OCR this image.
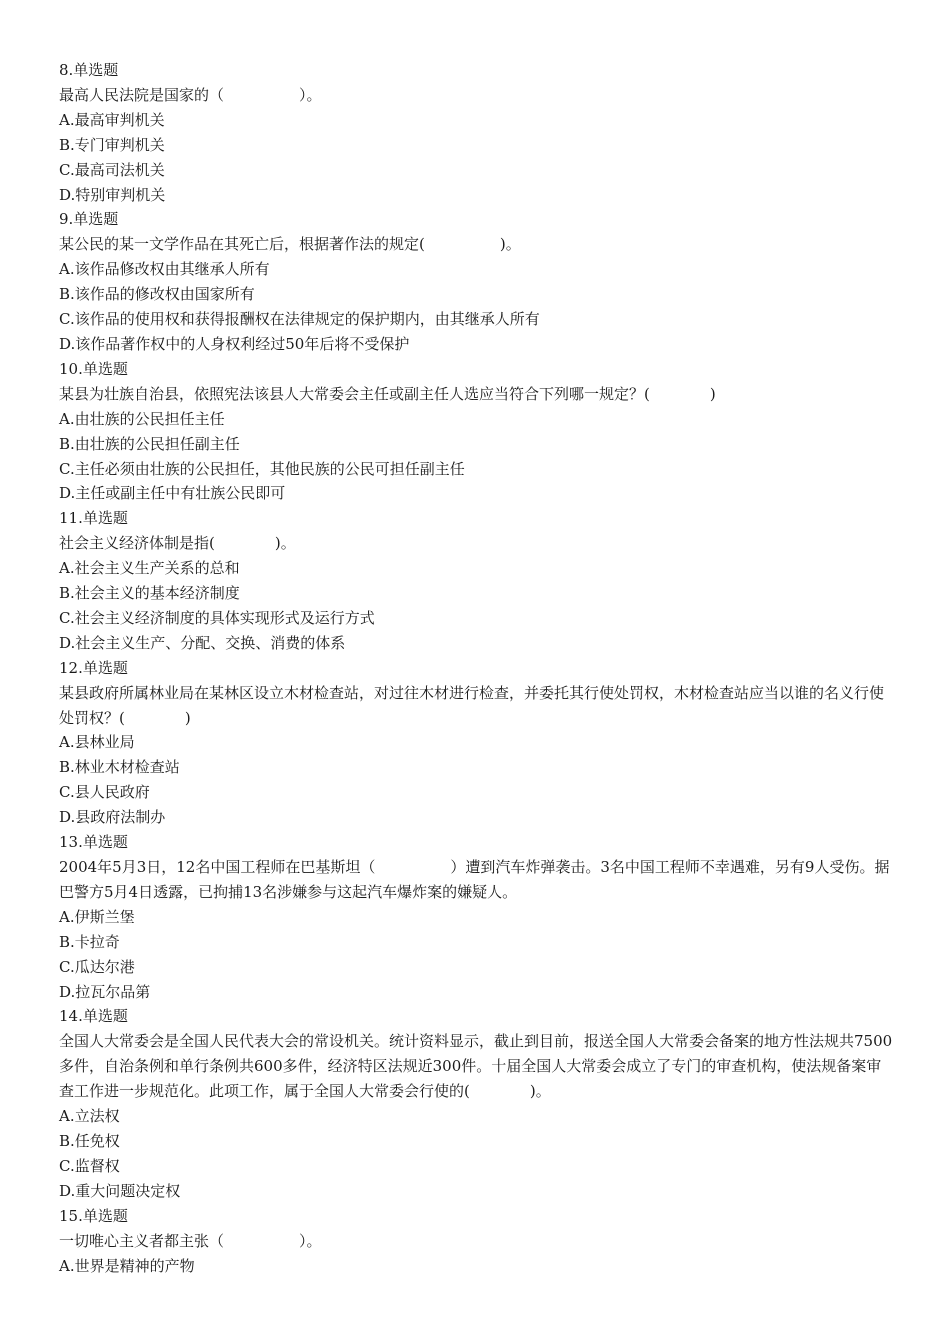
8.单选题
最高人民法院是国家的（　　　　　）。
A.最高审判机关
B.专门审判机关
C.最高司法机关
D.特别审判机关
9.单选题
某公民的某一文学作品在其死亡后，根据著作法的规定(　　　　　)。
A.该作品修改权由其继承人所有
B.该作品的修改权由国家所有
C.该作品的使用权和获得报酬权在法律规定的保护期内，由其继承人所有
D.该作品著作权中的人身权利经过50年后将不受保护
10.单选题
某县为壮族自治县，依照宪法该县人大常委会主任或副主任人选应当符合下列哪一规定？(　　　　)
A.由壮族的公民担任主任
B.由壮族的公民担任副主任
C.主任必须由壮族的公民担任，其他民族的公民可担任副主任
D.主任或副主任中有壮族公民即可
11.单选题
社会主义经济体制是指(　　　　)。
A.社会主义生产关系的总和
B.社会主义的基本经济制度
C.社会主义经济制度的具体实现形式及运行方式
D.社会主义生产、分配、交换、消费的体系
12.单选题
某县政府所属林业局在某林区设立木材检查站，对过往木材进行检查，并委托其行使处罚权，木材检查站应当以谁的名义行使处罚权？(　　　　)
A.县林业局
B.林业木材检查站
C.县人民政府
D.县政府法制办
13.单选题
2004年5月3日，12名中国工程师在巴基斯坦（　　　　　）遭到汽车炸弹袭击。3名中国工程师不幸遇难，另有9人受伤。据巴警方5月4日透露，已拘捕13名涉嫌参与这起汽车爆炸案的嫌疑人。
A.伊斯兰堡
B.卡拉奇
C.瓜达尔港
D.拉瓦尔品第
14.单选题
全国人大常委会是全国人民代表大会的常设机关。统计资料显示，截止到目前，报送全国人大常委会备案的地方性法规共7500多件，自治条例和单行条例共600多件，经济特区法规近300件。十届全国人大常委会成立了专门的审查机构，使法规备案审查工作进一步规范化。此项工作，属于全国人大常委会行使的(　　　　)。
A.立法权
B.任免权
C.监督权
D.重大问题决定权
15.单选题
一切唯心主义者都主张（　　　　　）。
A.世界是精神的产物
